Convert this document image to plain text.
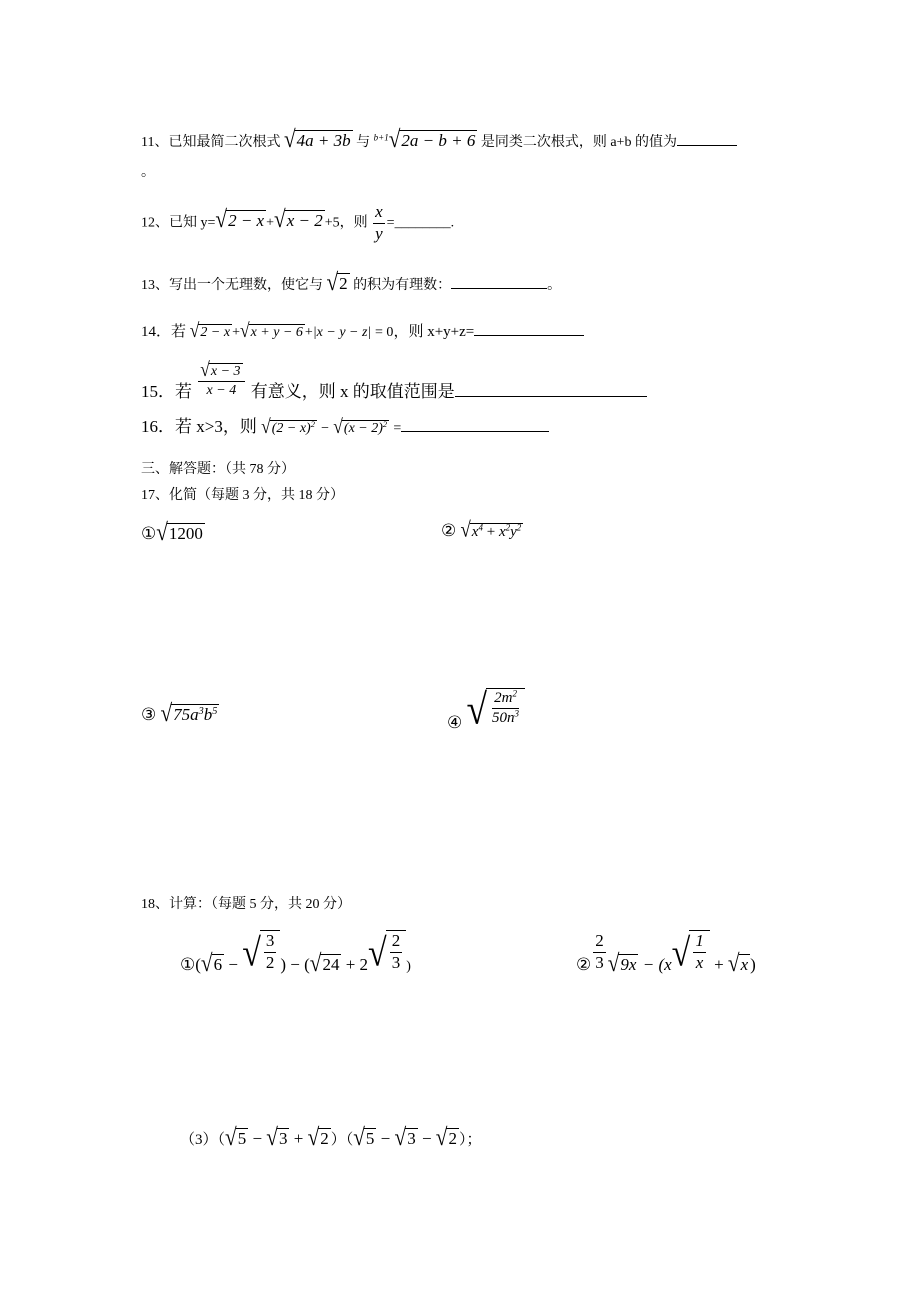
11、已知最简二次根式 √4a + 3b 与 $^{b+1}$√2a − b + 6 是同类二次根式，则 a+b 的值为
。
12、已知 y=√2 − x +√x − 2 +5，则 $\frac{x}{y}$ =________.
13、写出一个无理数，使它与 √2 的积为有理数：	。
14．若 √2 − x +√x + y − 6 +|x − y − z| = 0，则 x+y+z=
15．若 $\frac{√x - 3}{x - 4}$ 有意义，则 x 的取值范围是
16．若 x>3，则 $√(2 - x)^2 - √(x - 2)^2$ =
三、解答题：（共 78 分）
17、化简（每题 3 分，共 18 分）
①√1200	② $√x^4 + x^2y^2$
③ $√75a^3b^5$
④ √ $\frac{2m^2}{50n^3}$
18、计算：（每题 5 分，共 20 分）
①(√6 − √ $\frac{3}{2}$ ) − ($√24 + 2√ \frac{2}{3} _)$	② $\frac{2}{3} √9x - (x√ \frac{1}{x} + √x$ )
（3）（√5 − √3 + √2 ）（√5 − √3 − √2 ）；
